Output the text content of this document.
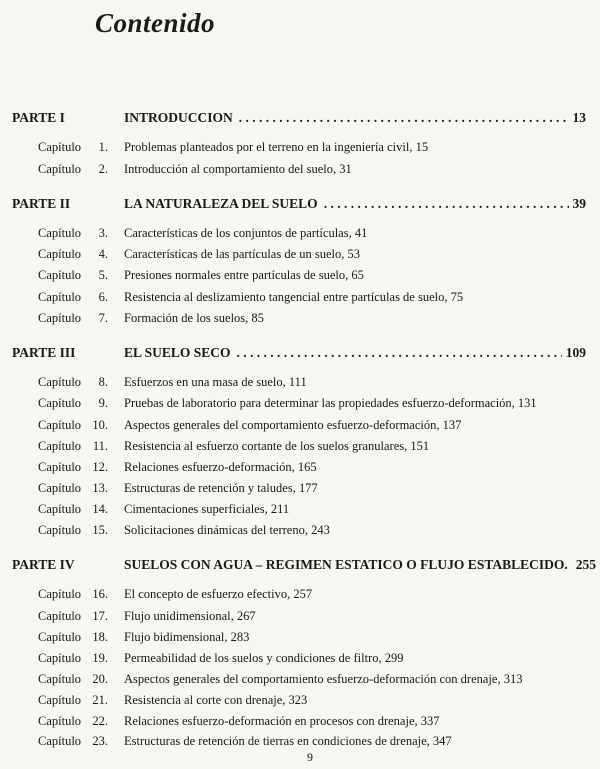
Contenido
PARTE I	INTRODUCCION . . .	13
Capítulo	1. Problemas planteados por el terreno en la ingeniería civil, 15
Capítulo	2. Introducción al comportamiento del suelo, 31
PARTE II	LA NATURALEZA DEL SUELO . . .	39
Capítulo	3. Características de los conjuntos de partículas, 41
Capítulo	4. Características de las partículas de un suelo, 53
Capítulo	5. Presiones normales entre partículas de suelo, 65
Capítulo	6. Resistencia al deslizamiento tangencial entre partículas de suelo, 75
Capítulo	7. Formación de los suelos, 85
PARTE III	EL SUELO SECO . . .	109
Capítulo	8. Esfuerzos en una masa de suelo, 111
Capítulo	9. Pruebas de laboratorio para determinar las propiedades esfuerzo-deformación, 131
Capítulo 10. Aspectos generales del comportamiento esfuerzo-deformación, 137
Capítulo 11. Resistencia al esfuerzo cortante de los suelos granulares, 151
Capítulo 12. Relaciones esfuerzo-deformación, 165
Capítulo 13. Estructuras de retención y taludes, 177
Capítulo 14. Cimentaciones superficiales, 211
Capítulo 15. Solicitaciones dinámicas del terreno, 243
PARTE IV	SUELOS CON AGUA – REGIMEN ESTATICO O FLUJO ESTABLECIDO. 255
Capítulo 16. El concepto de esfuerzo efectivo, 257
Capítulo 17. Flujo unidimensional, 267
Capítulo 18. Flujo bidimensional, 283
Capítulo 19. Permeabilidad de los suelos y condiciones de filtro, 299
Capítulo 20. Aspectos generales del comportamiento esfuerzo-deformación con drenaje, 313
Capítulo 21. Resistencia al corte con drenaje, 323
Capítulo 22. Relaciones esfuerzo-deformación en procesos con drenaje, 337
Capítulo 23. Estructuras de retención de tierras en condiciones de drenaje, 347
9
